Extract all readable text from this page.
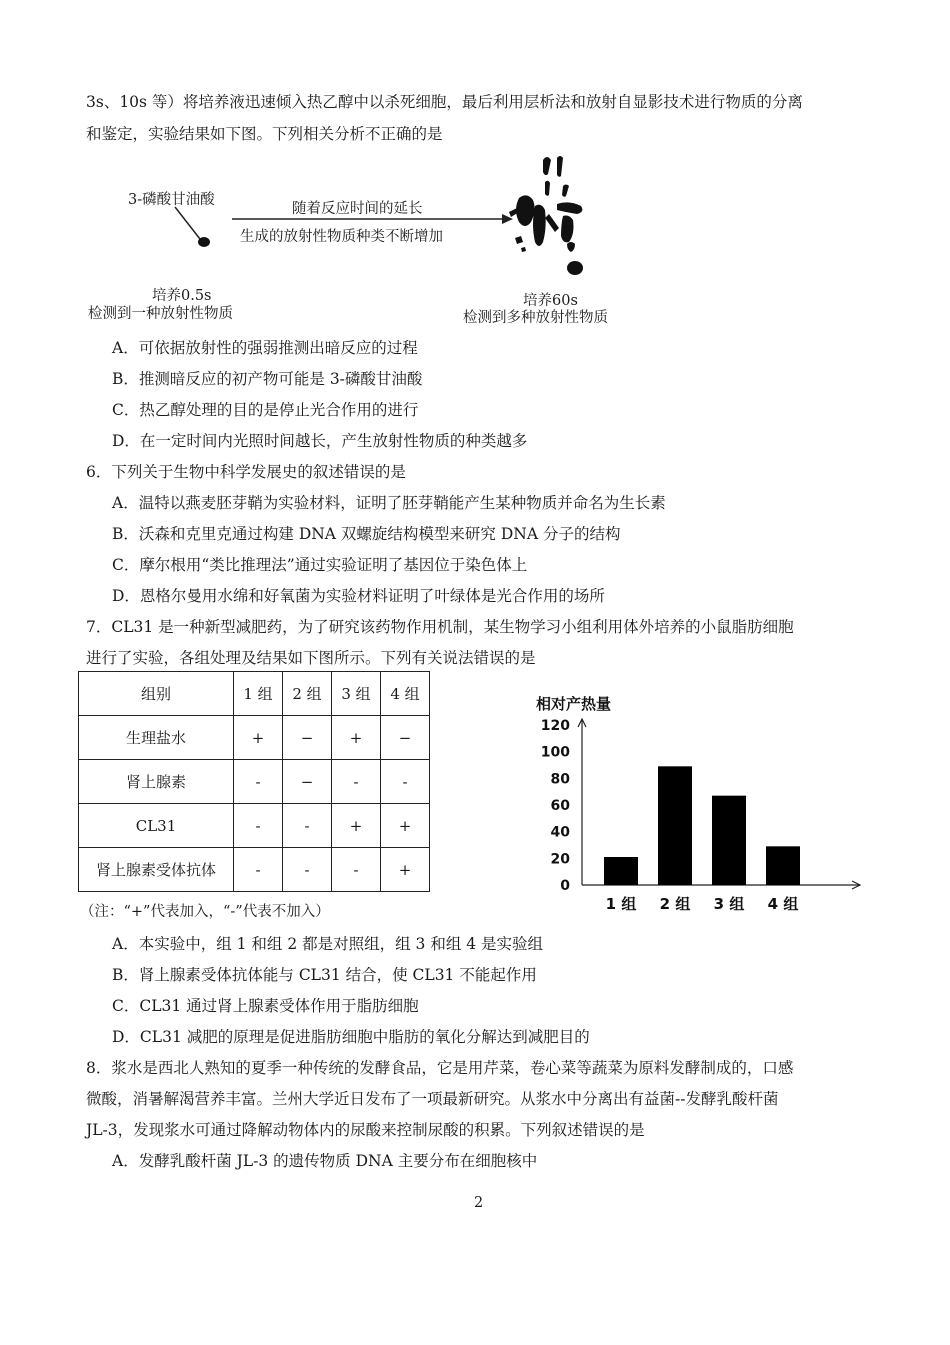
3s、10s 等）将培养液迅速倾入热乙醇中以杀死细胞，最后利用层析法和放射自显影技术进行物质的分离
和鉴定，实验结果如下图。下列相关分析不正确的是
3-磷酸甘油酸
随着反应时间的延长
生成的放射性物质种类不断增加
培养0.5s
检测到一种放射性物质
培养60s
检测到多种放射性物质
A．可依据放射性的强弱推测出暗反应的过程
B．推测暗反应的初产物可能是 3-磷酸甘油酸
C．热乙醇处理的目的是停止光合作用的进行
D．在一定时间内光照时间越长，产生放射性物质的种类越多
6．下列关于生物中科学发展史的叙述错误的是
A．温特以燕麦胚芽鞘为实验材料，证明了胚芽鞘能产生某种物质并命名为生长素
B．沃森和克里克通过构建 DNA 双螺旋结构模型来研究 DNA 分子的结构
C．摩尔根用“类比推理法”通过实验证明了基因位于染色体上
D．恩格尔曼用水绵和好氧菌为实验材料证明了叶绿体是光合作用的场所
7．CL31 是一种新型减肥药，为了研究该药物作用机制，某生物学习小组利用体外培养的小鼠脂肪细胞
进行了实验，各组处理及结果如下图所示。下列有关说法错误的是
组别	1 组	2 组	3 组	4 组
生理盐水	+	−	+	−
肾上腺素	-	−	-	-
CL31	-	-	+	+
肾上腺素受体抗体	-	-	-	+
（注：“+”代表加入，“-”代表不加入）
相对产热量
0
20
40
60
80
100
120
1 组 2 组 3 组 4 组
A．本实验中，组 1 和组 2 都是对照组，组 3 和组 4 是实验组
B．肾上腺素受体抗体能与 CL31 结合，使 CL31 不能起作用
C．CL31 通过肾上腺素受体作用于脂肪细胞
D．CL31 减肥的原理是促进脂肪细胞中脂肪的氧化分解达到减肥目的
8．浆水是西北人熟知的夏季一种传统的发酵食品，它是用芹菜，卷心菜等蔬菜为原料发酵制成的，口感
微酸，消暑解渴营养丰富。兰州大学近日发布了一项最新研究。从浆水中分离出有益菌--发酵乳酸杆菌
JL-3，发现浆水可通过降解动物体内的尿酸来控制尿酸的积累。下列叙述错误的是
A．发酵乳酸杆菌 JL-3 的遗传物质 DNA 主要分布在细胞核中
2
